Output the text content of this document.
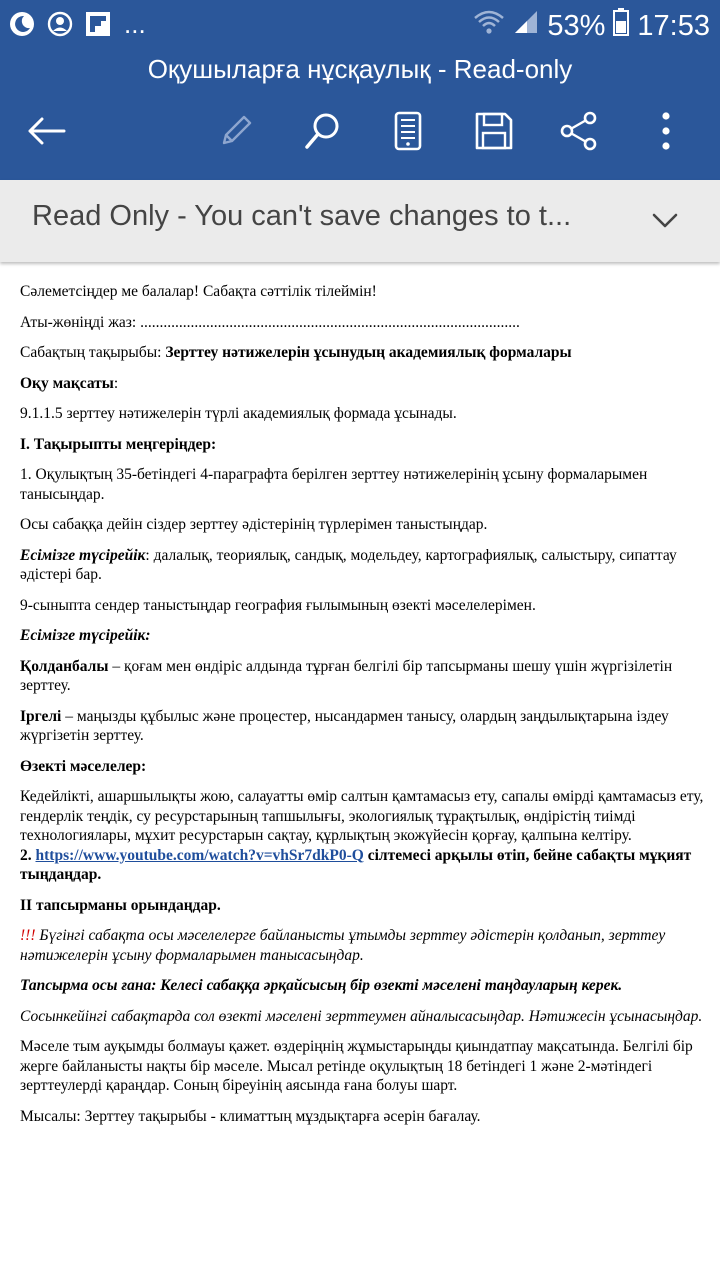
...	53% 17:53
Оқушыларға нұсқаулық - Read-only
Read Only - You can't save changes to t...

Сәлеметсіңдер ме балалар! Сабақта сәттілік тілеймін!

Аты-жөніңді жаз: ..................................................................................................

Сабақтың тақырыбы: Зерттеу нәтижелерін ұсынудың академиялық формалары

Оқу мақсаты:

9.1.1.5 зерттеу нәтижелерін түрлі академиялық формада ұсынады.

І. Тақырыпты меңгеріңдер:

1. Оқулықтың 35-бетіндегі 4-параграфта берілген зерттеу нәтижелерінің ұсыну формаларымен танысыңдар.

Осы сабаққа дейін сіздер зерттеу әдістерінің түрлерімен таныстыңдар.

Есімізге түсірейік: далалық, теориялық, сандық, модельдеу, картографиялық, салыстыру, сипаттау әдістері бар.

9-сыныпта сендер таныстыңдар география ғылымының өзекті мәселелерімен.

Есімізге түсірейік:

Қолданбалы – қоғам мен өндіріс алдында тұрған белгілі бір тапсырманы шешу үшін жүргізілетін зерттеу.

Іргелі – маңызды құбылыс және процестер, нысандармен танысу, олардың заңдылықтарына іздеу жүргізетін зерттеу.

Өзекті мәселелер:

Кедейлікті, ашаршылықты жою, салауатты өмір салтын қамтамасыз ету, сапалы өмірді қамтамасыз ету, гендерлік теңдік, су ресурстарының тапшылығы, экологиялық тұрақтылық, өндірістің тиімді технологиялары, мұхит ресурстарын сақтау, құрлықтың экожүйесін қорғау, қалпына келтіру.

2. https://www.youtube.com/watch?v=vhSr7dkP0-Q сілтемесі арқылы өтіп, бейне сабақты мұқият тыңдаңдар.

ІІ тапсырманы орындаңдар.

!!! Бүгінгі сабақта осы мәселелерге байланысты ұтымды зерттеу әдістерін қолданып, зерттеу нәтижелерін ұсыну формаларымен танысасыңдар.

Тапсырма осы ғана: Келесі сабаққа әрқайсысың бір өзекті мәселені таңдауларың керек.

Сосынкейінгі сабақтарда сол өзекті мәселені зерттеумен айналысасыңдар. Нәтижесін ұсынасыңдар.

Мәселе тым ауқымды болмауы қажет. өздеріңнің жұмыстарыңды қиындатпау мақсатында. Белгілі бір жерге байланысты нақты бір мәселе. Мысал ретінде оқулықтың 18 бетіндегі 1 және 2-мәтіндегі зерттеулерді қараңдар. Соның біреуінің аясында ғана болуы шарт.

Мысалы: Зерттеу тақырыбы - климаттың мұздықтарға әсерін бағалау.
